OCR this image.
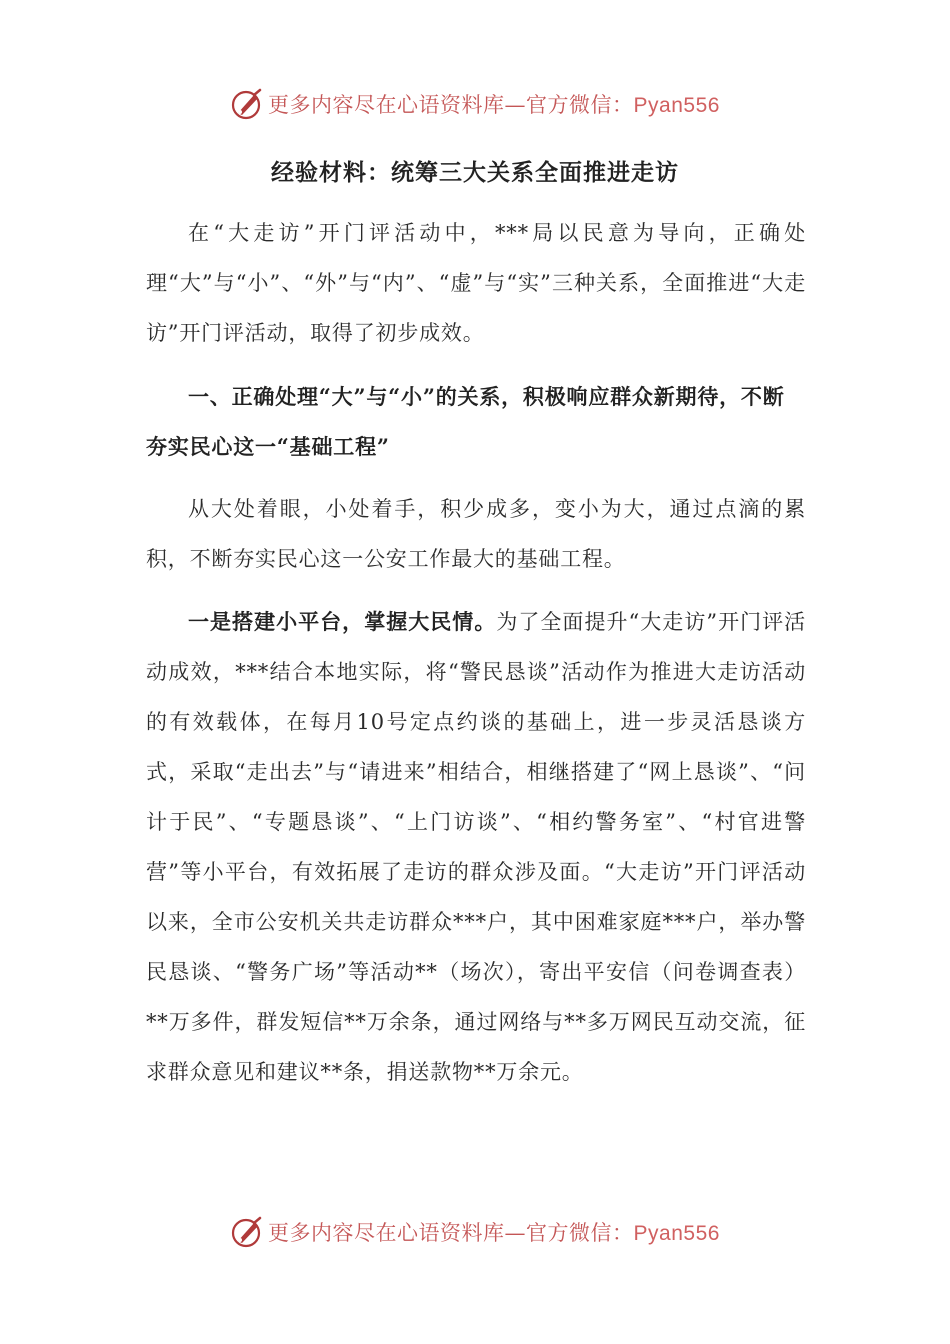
更多内容尽在心语资料库—官方微信：Pyan556
经验材料：统筹三大关系全面推进走访

在“大走访”开门评活动中，***局以民意为导向，正确处理“大”与“小”、“外”与“内”、“虚”与“实”三种关系，全面推进“大走访”开门评活动，取得了初步成效。

一、正确处理“大”与“小”的关系，积极响应群众新期待，不断夯实民心这一“基础工程”

从大处着眼，小处着手，积少成多，变小为大，通过点滴的累积，不断夯实民心这一公安工作最大的基础工程。

一是搭建小平台，掌握大民情。为了全面提升“大走访”开门评活动成效，***结合本地实际，将“警民恳谈”活动作为推进大走访活动的有效载体，在每月10号定点约谈的基础上，进一步灵活恳谈方式，采取“走出去”与“请进来”相结合，相继搭建了“网上恳谈”、“问计于民”、“专题恳谈”、“上门访谈”、“相约警务室”、“村官进警营”等小平台，有效拓展了走访的群众涉及面。“大走访”开门评活动以来，全市公安机关共走访群众***户，其中困难家庭***户，举办警民恳谈、“警务广场”等活动**（场次），寄出平安信（问卷调查表）**万多件，群发短信**万余条，通过网络与**多万网民互动交流，征求群众意见和建议**条，捐送款物**万余元。

更多内容尽在心语资料库—官方微信：Pyan556
